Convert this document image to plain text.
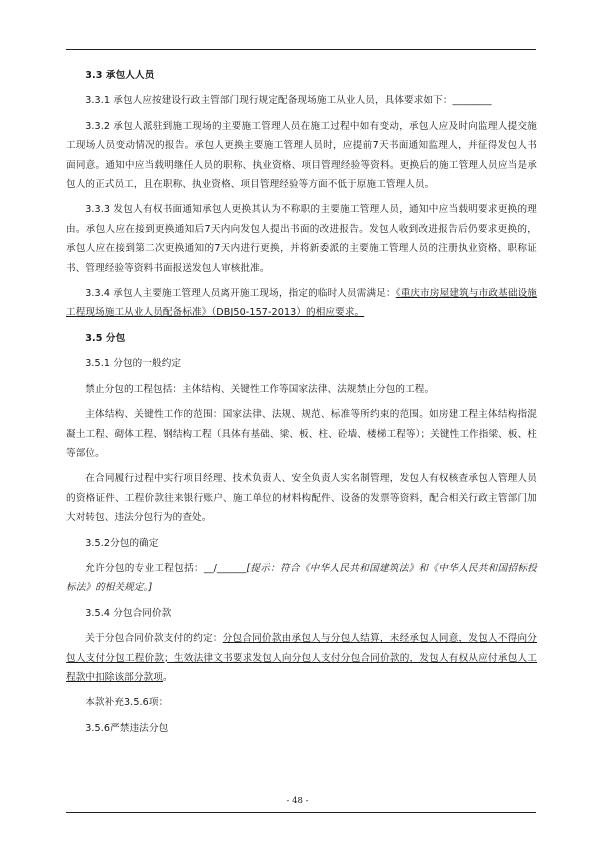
3.3 承包人人员

3.3.1 承包人应按建设行政主管部门现行规定配备现场施工从业人员，具体要求如下：________

3.3.2 承包人派驻到施工现场的主要施工管理人员在施工过程中如有变动，承包人应及时向监理人提交施工现场人员变动情况的报告。承包人更换主要施工管理人员时，应提前7天书面通知监理人，并征得发包人书面同意。通知中应当载明继任人员的职称、执业资格、项目管理经验等资料。更换后的施工管理人员应当是承包人的正式员工，且在职称、执业资格、项目管理经验等方面不低于原施工管理人员。

3.3.3 发包人有权书面通知承包人更换其认为不称职的主要施工管理人员，通知中应当载明要求更换的理由。承包人应在接到更换通知后7天内向发包人提出书面的改进报告。发包人收到改进报告后仍要求更换的，承包人应在接到第二次更换通知的7天内进行更换，并将新委派的主要施工管理人员的注册执业资格、职称证书、管理经验等资料书面报送发包人审核批准。

3.3.4 承包人主要施工管理人员离开施工现场，指定的临时人员需满足：《重庆市房屋建筑与市政基础设施工程现场施工从业人员配备标准》（DBJ50-157-2013）的相应要求。

3.5 分包

3.5.1 分包的一般约定

禁止分包的工程包括：主体结构、关键性工作等国家法律、法规禁止分包的工程。

主体结构、关键性工作的范围：国家法律、法规、规范、标准等所约束的范围。如房建工程主体结构指混凝土工程、砌体工程、钢结构工程（具体有基础、梁、板、柱、砼墙、楼梯工程等）；关键性工作指梁、板、柱等部位。

在合同履行过程中实行项目经理、技术负责人、安全负责人实名制管理，发包人有权核查承包人管理人员的资格证件、工程价款往来银行账户、施工单位的材料构配件、设备的发票等资料，配合相关行政主管部门加大对转包、违法分包行为的查处。

3.5.2分包的确定

允许分包的专业工程包括：__/______[提示：符合《中华人民共和国建筑法》和《中华人民共和国招标投标法》的相关规定。]

3.5.4 分包合同价款

关于分包合同价款支付的约定：分包合同价款由承包人与分包人结算，未经承包人同意，发包人不得向分包人支付分包工程价款；生效法律文书要求发包人向分包人支付分包合同价款的，发包人有权从应付承包人工程款中扣除该部分款项。

本款补充3.5.6项：

3.5.6严禁违法分包

- 48 -
